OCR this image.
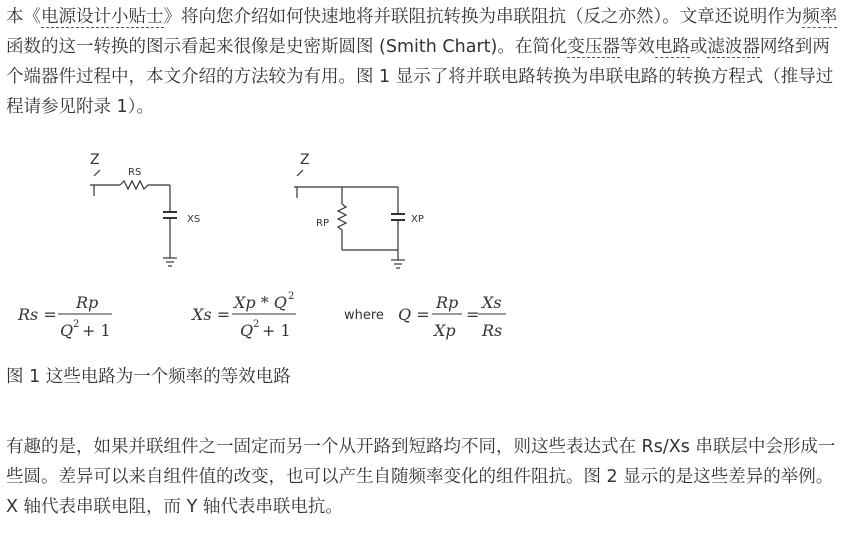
本《电源设计小贴士》将向您介绍如何快速地将并联阻抗转换为串联阻抗（反之亦然）。文章还说明作为频率函数的这一转换的图示看起来很像是史密斯圆图 (Smith Chart)。在简化变压器等效电路或滤波器网络到两个端器件过程中，本文介绍的方法较为有用。图 1 显示了将并联电路转换为串联电路的转换方程式（推导过程请参见附录 1）。

Z
RS
XS
Z
RP	XP
Rs =
Rp
Q 2 + 1
Xs =
Xp * Q 2
Q 2 + 1
where Q =
Rp
Xp
=
Xs
Rs
图 1 这些电路为一个频率的等效电路

有趣的是，如果并联组件之一固定而另一个从开路到短路均不同，则这些表达式在 Rs/Xs 串联层中会形成一些圆。差异可以来自组件值的改变，也可以产生自随频率变化的组件阻抗。图 2 显示的是这些差异的举例。X 轴代表串联电阻，而 Y 轴代表串联电抗。
